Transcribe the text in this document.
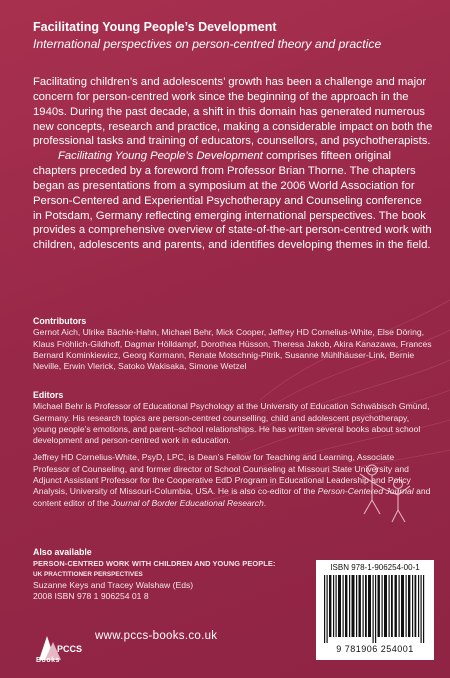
Facilitating Young People’s Development
International perspectives on person-centred theory and practice

Facilitating children’s and adolescents’ growth has been a challenge and major concern for person-centred work since the beginning of the approach in the 1940s. During the past decade, a shift in this domain has generated numerous new concepts, research and practice, making a considerable impact on both the professional tasks and training of educators, counsellors, and psychotherapists.

Facilitating Young People’s Development comprises fifteen original chapters preceded by a foreword from Professor Brian Thorne. The chapters began as presentations from a symposium at the 2006 World Association for Person-Centered and Experiential Psychotherapy and Counseling conference in Potsdam, Germany reflecting emerging international perspectives. The book provides a comprehensive overview of state-of-the-art person-centred work with children, adolescents and parents, and identifies developing themes in the field.

Contributors

Gernot Aich, Ulrike Bächle-Hahn, Michael Behr, Mick Cooper, Jeffrey HD Cornelius-White, Else Döring, Klaus Fröhlich-Gildhoff, Dagmar Hölldampf, Dorothea Hüsson, Theresa Jakob, Akira Kanazawa, Frances Bernard Kominkiewicz, Georg Kormann, Renate Motschnig-Pitrik, Susanne Mühlhäuser-Link, Bernie Neville, Erwin Vlerick, Satoko Wakisaka, Simone Wetzel

Editors

Michael Behr is Professor of Educational Psychology at the University of Education Schwäbisch Gmünd, Germany. His research topics are person-centred counselling, child and adolescent psychotherapy, young people’s emotions, and parent–school relationships. He has written several books about school development and person-centred work in education.

Jeffrey HD Cornelius-White, PsyD, LPC, is Dean’s Fellow for Teaching and Learning, Associate Professor of Counseling, and former director of School Counseling at Missouri State University and Adjunct Assistant Professor for the Cooperative EdD Program in Educational Leadership and Policy Analysis, University of Missouri-Columbia, USA. He is also co-editor of the Person-Centered Journal and content editor of the Journal of Border Educational Research.

Also available
PERSON-CENTRED WORK WITH CHILDREN AND YOUNG PEOPLE:
UK PRACTITIONER PERSPECTIVES
Suzanne Keys and Tracey Walshaw (Eds)
2008 ISBN 978 1 906254 01 8
ISBN 978-1-906254-00-1
9 781906 254001
PCCS
Books
www.pccs-books.co.uk
